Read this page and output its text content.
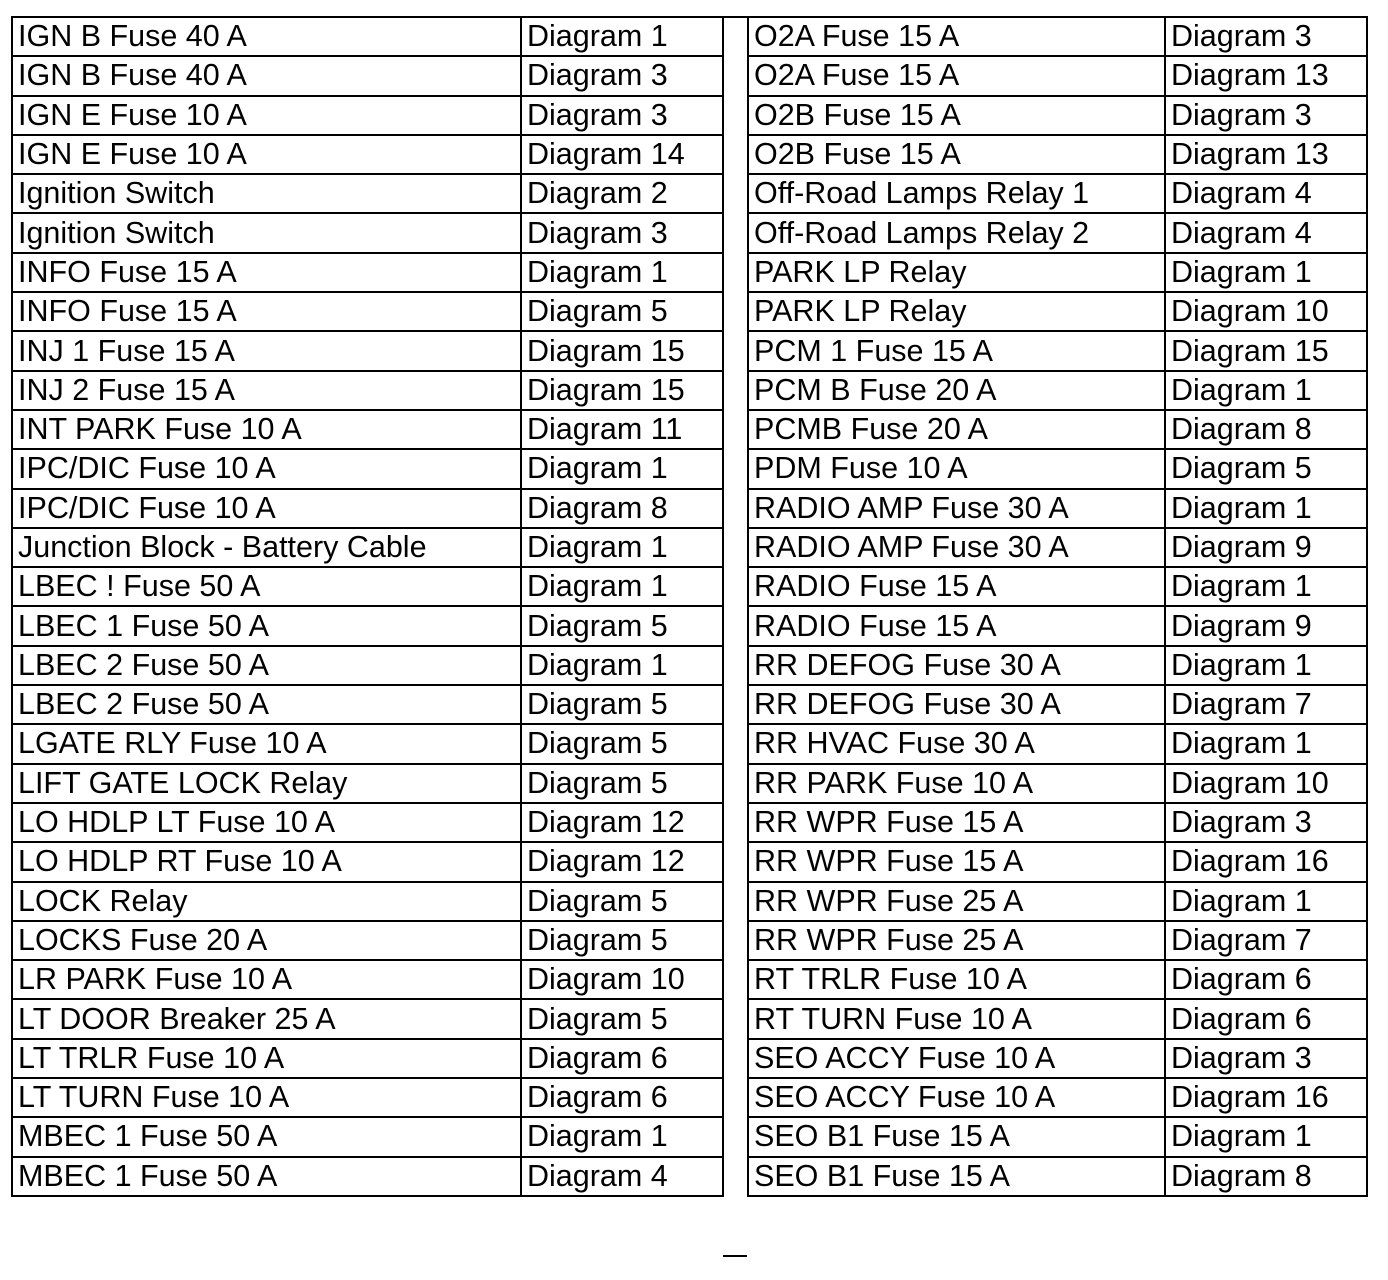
IGN B Fuse 40 A	Diagram 1
IGN B Fuse 40 A	Diagram 3
IGN E Fuse 10 A	Diagram 3
IGN E Fuse 10 A	Diagram 14
Ignition Switch	Diagram 2
Ignition Switch	Diagram 3
INFO Fuse 15 A	Diagram 1
INFO Fuse 15 A	Diagram 5
INJ 1 Fuse 15 A	Diagram 15
INJ 2 Fuse 15 A	Diagram 15
INT PARK Fuse 10 A	Diagram 11
IPC/DIC Fuse 10 A	Diagram 1
IPC/DIC Fuse 10 A	Diagram 8
Junction Block - Battery Cable	Diagram 1
LBEC ! Fuse 50 A	Diagram 1
LBEC 1 Fuse 50 A	Diagram 5
LBEC 2 Fuse 50 A	Diagram 1
LBEC 2 Fuse 50 A	Diagram 5
LGATE RLY Fuse 10 A	Diagram 5
LIFT GATE LOCK Relay	Diagram 5
LO HDLP LT Fuse 10 A	Diagram 12
LO HDLP RT Fuse 10 A	Diagram 12
LOCK Relay	Diagram 5
LOCKS Fuse 20 A	Diagram 5
LR PARK Fuse 10 A	Diagram 10
LT DOOR Breaker 25 A	Diagram 5
LT TRLR Fuse 10 A	Diagram 6
LT TURN Fuse 10 A	Diagram 6
MBEC 1 Fuse 50 A	Diagram 1
MBEC 1 Fuse 50 A	Diagram 4
O2A Fuse 15 A	Diagram 3
O2A Fuse 15 A	Diagram 13
O2B Fuse 15 A	Diagram 3
O2B Fuse 15 A	Diagram 13
Off-Road Lamps Relay 1	Diagram 4
Off-Road Lamps Relay 2	Diagram 4
PARK LP Relay	Diagram 1
PARK LP Relay	Diagram 10
PCM 1 Fuse 15 A	Diagram 15
PCM B Fuse 20 A	Diagram 1
PCMB Fuse 20 A	Diagram 8
PDM Fuse 10 A	Diagram 5
RADIO AMP Fuse 30 A	Diagram 1
RADIO AMP Fuse 30 A	Diagram 9
RADIO Fuse 15 A	Diagram 1
RADIO Fuse 15 A	Diagram 9
RR DEFOG Fuse 30 A	Diagram 1
RR DEFOG Fuse 30 A	Diagram 7
RR HVAC Fuse 30 A	Diagram 1
RR PARK Fuse 10 A	Diagram 10
RR WPR Fuse 15 A	Diagram 3
RR WPR Fuse 15 A	Diagram 16
RR WPR Fuse 25 A	Diagram 1
RR WPR Fuse 25 A	Diagram 7
RT TRLR Fuse 10 A	Diagram 6
RT TURN Fuse 10 A	Diagram 6
SEO ACCY Fuse 10 A	Diagram 3
SEO ACCY Fuse 10 A	Diagram 16
SEO B1 Fuse 15 A	Diagram 1
SEO B1 Fuse 15 A	Diagram 8
